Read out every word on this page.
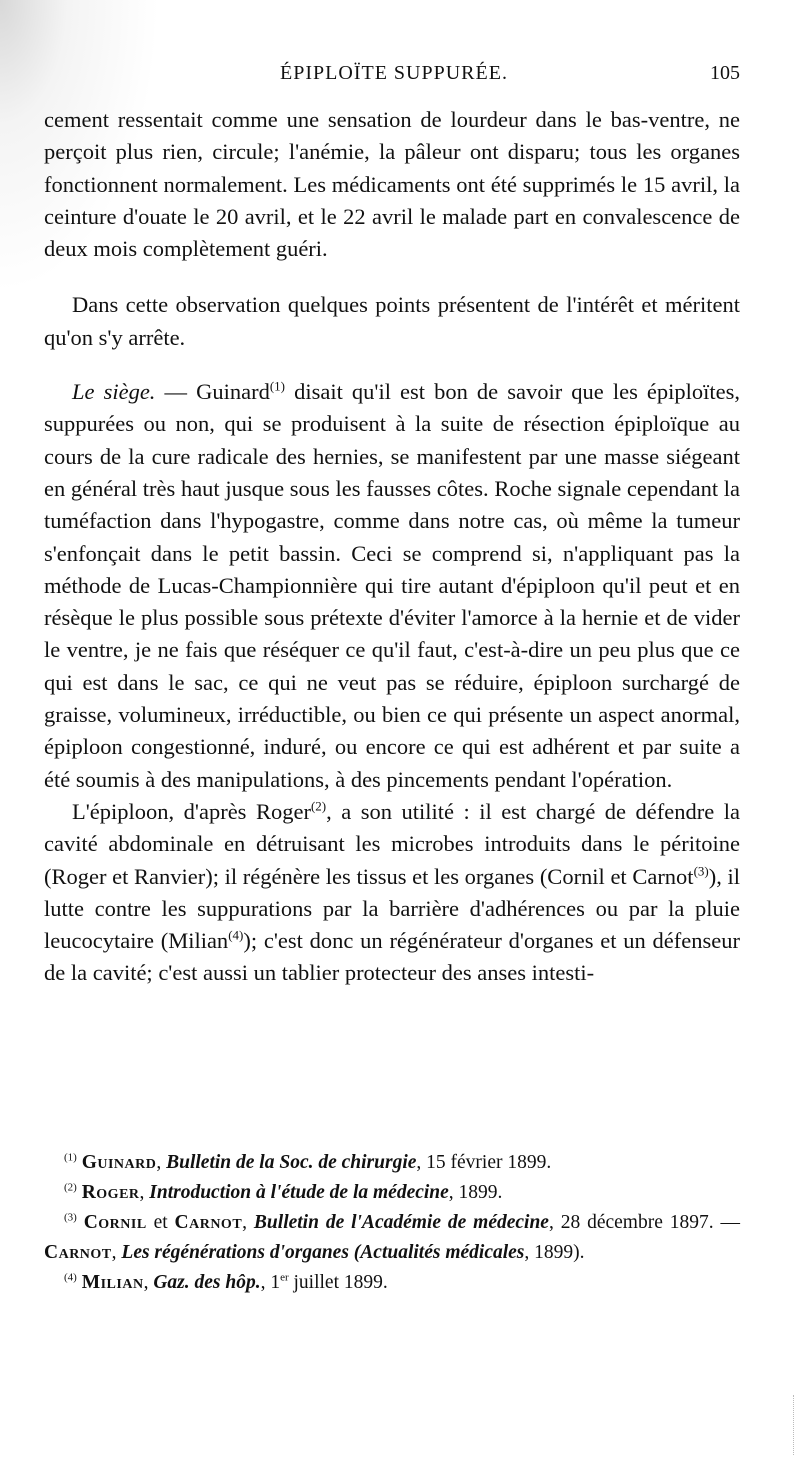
ÉPIPLOÏTE SUPPURÉE.	105

cement ressentait comme une sensation de lourdeur dans le bas-ventre, ne perçoit plus rien, circule; l'anémie, la pâleur ont disparu; tous les organes fonctionnent normalement. Les médicaments ont été supprimés le 15 avril, la ceinture d'ouate le 20 avril, et le 22 avril le malade part en convalescence de deux mois complètement guéri.

Dans cette observation quelques points présentent de l'intérêt et méritent qu'on s'y arrête.

Le siège. — Guinard$^{(1)}$ disait qu'il est bon de savoir que les épiploïtes, suppurées ou non, qui se produisent à la suite de résection épiploïque au cours de la cure radicale des hernies, se manifestent par une masse siégeant en général très haut jusque sous les fausses côtes. Roche signale cependant la tuméfaction dans l'hypogastre, comme dans notre cas, où même la tumeur s'enfonçait dans le petit bassin. Ceci se comprend si, n'appliquant pas la méthode de Lucas-Championnière qui tire autant d'épiploon qu'il peut et en résèque le plus possible sous prétexte d'éviter l'amorce à la hernie et de vider le ventre, je ne fais que réséquer ce qu'il faut, c'est-à-dire un peu plus que ce qui est dans le sac, ce qui ne veut pas se réduire, épiploon surchargé de graisse, volumineux, irréductible, ou bien ce qui présente un aspect anormal, épiploon congestionné, induré, ou encore ce qui est adhérent et par suite a été soumis à des manipulations, à des pincements pendant l'opération.

L'épiploon, d'après Roger$^{(2)}$, a son utilité : il est chargé de défendre la cavité abdominale en détruisant les microbes introduits dans le péritoine (Roger et Ranvier); il régénère les tissus et les organes (Cornil et Carnot$^{(3)}$), il lutte contre les suppurations par la barrière d'adhérences ou par la pluie leucocytaire (Milian$^{(4)}$); c'est donc un régénérateur d'organes et un défenseur de la cavité; c'est aussi un tablier protecteur des anses intesti-

$^{(1)}$ Guinard, Bulletin de la Soc. de chirurgie, 15 février 1899.

$^{(2)}$ Roger, Introduction à l'étude de la médecine, 1899.

$^{(3)}$ Cornil et Carnot, Bulletin de l'Académie de médecine, 28 décembre 1897. — Carnot, Les régénérations d'organes (Actualités médicales, 1899).

$^{(4)}$ Milian, Gaz. des hôp., 1er juillet 1899.
